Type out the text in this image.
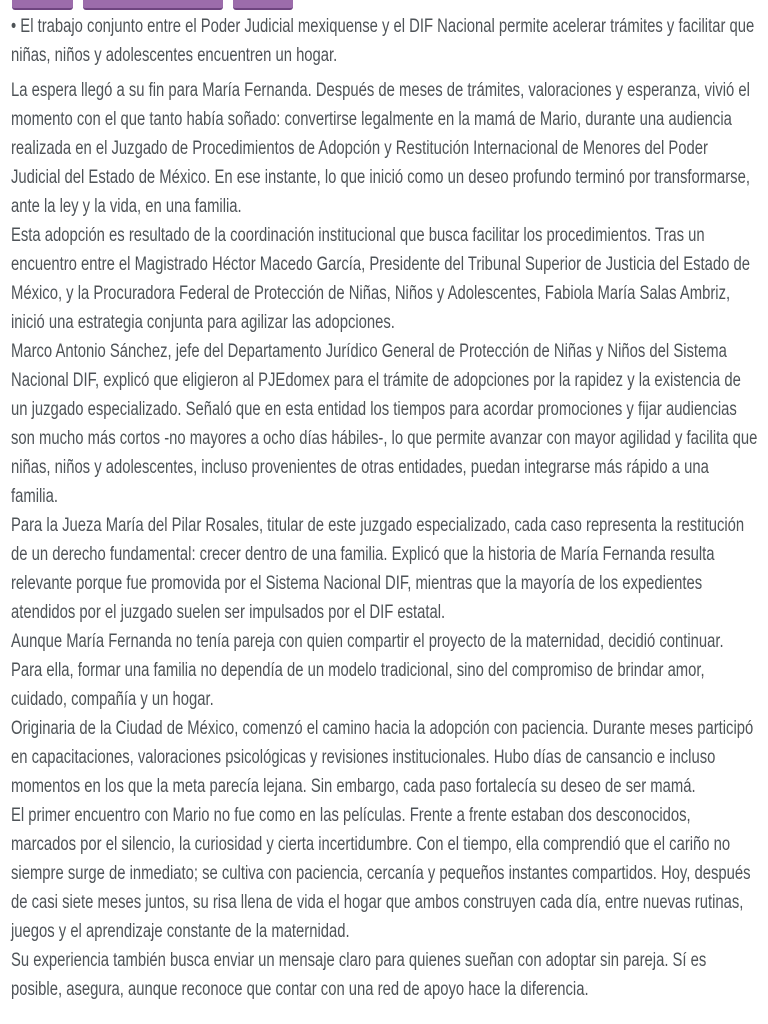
• El trabajo conjunto entre el Poder Judicial mexiquense y el DIF Nacional permite acelerar trámites y facilitar que niñas, niños y adolescentes encuentren un hogar.

La espera llegó a su fin para María Fernanda. Después de meses de trámites, valoraciones y esperanza, vivió el momento con el que tanto había soñado: convertirse legalmente en la mamá de Mario, durante una audiencia realizada en el Juzgado de Procedimientos de Adopción y Restitución Internacional de Menores del Poder Judicial del Estado de México. En ese instante, lo que inició como un deseo profundo terminó por transformarse, ante la ley y la vida, en una familia.

Esta adopción es resultado de la coordinación institucional que busca facilitar los procedimientos. Tras un encuentro entre el Magistrado Héctor Macedo García, Presidente del Tribunal Superior de Justicia del Estado de México, y la Procuradora Federal de Protección de Niñas, Niños y Adolescentes, Fabiola María Salas Ambriz, inició una estrategia conjunta para agilizar las adopciones.

Marco Antonio Sánchez, jefe del Departamento Jurídico General de Protección de Niñas y Niños del Sistema Nacional DIF, explicó que eligieron al PJEdomex para el trámite de adopciones por la rapidez y la existencia de un juzgado especializado. Señaló que en esta entidad los tiempos para acordar promociones y fijar audiencias son mucho más cortos -no mayores a ocho días hábiles-, lo que permite avanzar con mayor agilidad y facilita que niñas, niños y adolescentes, incluso provenientes de otras entidades, puedan integrarse más rápido a una familia.

Para la Jueza María del Pilar Rosales, titular de este juzgado especializado, cada caso representa la restitución de un derecho fundamental: crecer dentro de una familia. Explicó que la historia de María Fernanda resulta relevante porque fue promovida por el Sistema Nacional DIF, mientras que la mayoría de los expedientes atendidos por el juzgado suelen ser impulsados por el DIF estatal.

Aunque María Fernanda no tenía pareja con quien compartir el proyecto de la maternidad, decidió continuar. Para ella, formar una familia no dependía de un modelo tradicional, sino del compromiso de brindar amor, cuidado, compañía y un hogar.

Originaria de la Ciudad de México, comenzó el camino hacia la adopción con paciencia. Durante meses participó en capacitaciones, valoraciones psicológicas y revisiones institucionales. Hubo días de cansancio e incluso momentos en los que la meta parecía lejana. Sin embargo, cada paso fortalecía su deseo de ser mamá.

El primer encuentro con Mario no fue como en las películas. Frente a frente estaban dos desconocidos, marcados por el silencio, la curiosidad y cierta incertidumbre. Con el tiempo, ella comprendió que el cariño no siempre surge de inmediato; se cultiva con paciencia, cercanía y pequeños instantes compartidos. Hoy, después de casi siete meses juntos, su risa llena de vida el hogar que ambos construyen cada día, entre nuevas rutinas, juegos y el aprendizaje constante de la maternidad.

Su experiencia también busca enviar un mensaje claro para quienes sueñan con adoptar sin pareja. Sí es posible, asegura, aunque reconoce que contar con una red de apoyo hace la diferencia.
